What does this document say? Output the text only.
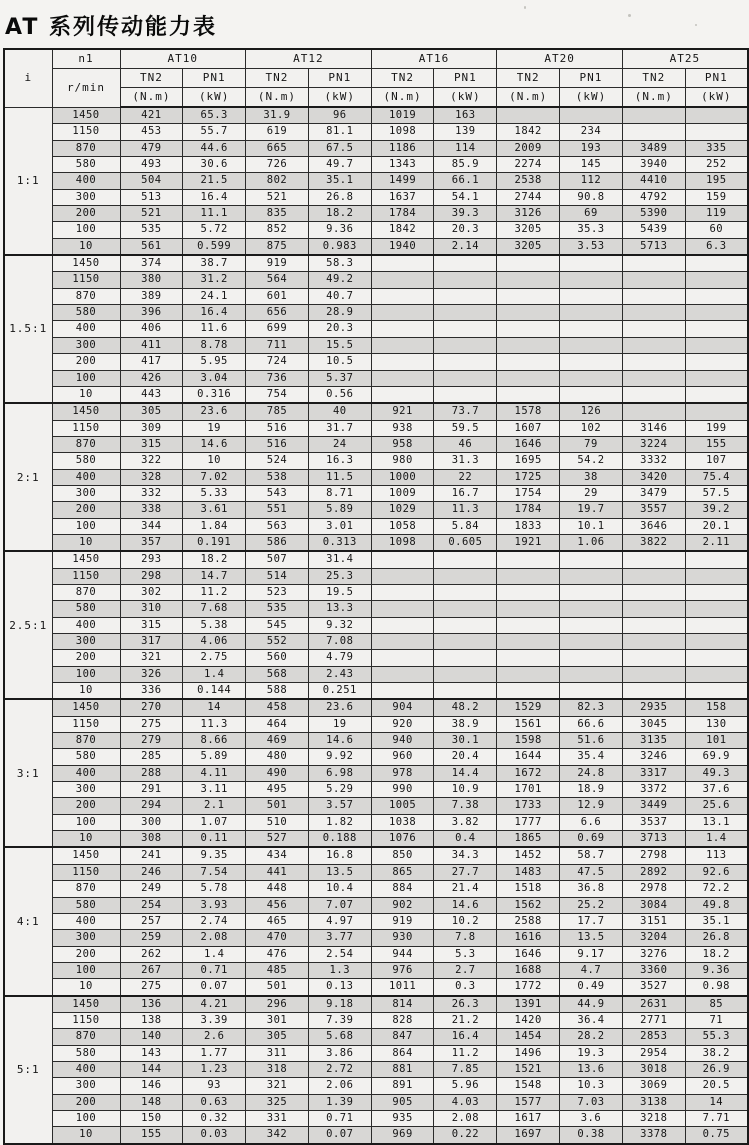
AT 系列传动能力表
i	n1	AT10		AT12		AT16		AT20		AT25	
	r/min	TN2	PN1	TN2	PN1	TN2	PN1	TN2	PN1	TN2	PN1
		(N.m)	(kW)	(N.m)	(kW)	(N.m)	(kW)	(N.m)	(kW)	(N.m)	(kW)
1:1	1450	421	65.3	31.9	96	1019	163				
	1150	453	55.7	619	81.1	1098	139	1842	234		
	870	479	44.6	665	67.5	1186	114	2009	193	3489	335
	580	493	30.6	726	49.7	1343	85.9	2274	145	3940	252
	400	504	21.5	802	35.1	1499	66.1	2538	112	4410	195
	300	513	16.4	521	26.8	1637	54.1	2744	90.8	4792	159
	200	521	11.1	835	18.2	1784	39.3	3126	69	5390	119
	100	535	5.72	852	9.36	1842	20.3	3205	35.3	5439	60
	10	561	0.599	875	0.983	1940	2.14	3205	3.53	5713	6.3
1.5:1	1450	374	38.7	919	58.3						
	1150	380	31.2	564	49.2						
	870	389	24.1	601	40.7						
	580	396	16.4	656	28.9						
	400	406	11.6	699	20.3						
	300	411	8.78	711	15.5						
	200	417	5.95	724	10.5						
	100	426	3.04	736	5.37						
	10	443	0.316	754	0.56						
2:1	1450	305	23.6	785	40	921	73.7	1578	126		
	1150	309	19	516	31.7	938	59.5	1607	102	3146	199
	870	315	14.6	516	24	958	46	1646	79	3224	155
	580	322	10	524	16.3	980	31.3	1695	54.2	3332	107
	400	328	7.02	538	11.5	1000	22	1725	38	3420	75.4
	300	332	5.33	543	8.71	1009	16.7	1754	29	3479	57.5
	200	338	3.61	551	5.89	1029	11.3	1784	19.7	3557	39.2
	100	344	1.84	563	3.01	1058	5.84	1833	10.1	3646	20.1
	10	357	0.191	586	0.313	1098	0.605	1921	1.06	3822	2.11
2.5:1	1450	293	18.2	507	31.4						
	1150	298	14.7	514	25.3						
	870	302	11.2	523	19.5						
	580	310	7.68	535	13.3						
	400	315	5.38	545	9.32						
	300	317	4.06	552	7.08						
	200	321	2.75	560	4.79						
	100	326	1.4	568	2.43						
	10	336	0.144	588	0.251						
3:1	1450	270	14	458	23.6	904	48.2	1529	82.3	2935	158
	1150	275	11.3	464	19	920	38.9	1561	66.6	3045	130
	870	279	8.66	469	14.6	940	30.1	1598	51.6	3135	101
	580	285	5.89	480	9.92	960	20.4	1644	35.4	3246	69.9
	400	288	4.11	490	6.98	978	14.4	1672	24.8	3317	49.3
	300	291	3.11	495	5.29	990	10.9	1701	18.9	3372	37.6
	200	294	2.1	501	3.57	1005	7.38	1733	12.9	3449	25.6
	100	300	1.07	510	1.82	1038	3.82	1777	6.6	3537	13.1
	10	308	0.11	527	0.188	1076	0.4	1865	0.69	3713	1.4
4:1	1450	241	9.35	434	16.8	850	34.3	1452	58.7	2798	113
	1150	246	7.54	441	13.5	865	27.7	1483	47.5	2892	92.6
	870	249	5.78	448	10.4	884	21.4	1518	36.8	2978	72.2
	580	254	3.93	456	7.07	902	14.6	1562	25.2	3084	49.8
	400	257	2.74	465	4.97	919	10.2	2588	17.7	3151	35.1
	300	259	2.08	470	3.77	930	7.8	1616	13.5	3204	26.8
	200	262	1.4	476	2.54	944	5.3	1646	9.17	3276	18.2
	100	267	0.71	485	1.3	976	2.7	1688	4.7	3360	9.36
	10	275	0.07	501	0.13	1011	0.3	1772	0.49	3527	0.98
5:1	1450	136	4.21	296	9.18	814	26.3	1391	44.9	2631	85
	1150	138	3.39	301	7.39	828	21.2	1420	36.4	2771	71
	870	140	2.6	305	5.68	847	16.4	1454	28.2	2853	55.3
	580	143	1.77	311	3.86	864	11.2	1496	19.3	2954	38.2
	400	144	1.23	318	2.72	881	7.85	1521	13.6	3018	26.9
	300	146	93	321	2.06	891	5.96	1548	10.3	3069	20.5
	200	148	0.63	325	1.39	905	4.03	1577	7.03	3138	14
	100	150	0.32	331	0.71	935	2.08	1617	3.6	3218	7.71
	10	155	0.03	342	0.07	969	0.22	1697	0.38	3378	0.75
